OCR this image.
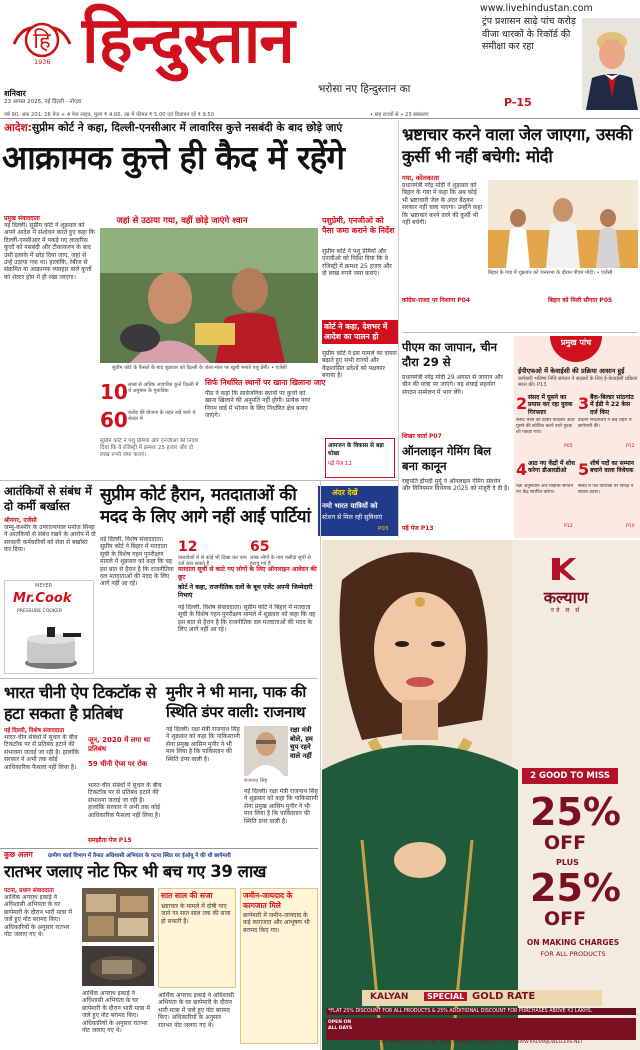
www.livehindustan.com
हि
1936 हिन्दुस्तान
भरोसा नए हिन्दुस्तान का
शनिवार
23 अगस्त 2025, नई दिल्ली - नोएडा
ट्रंप प्रशासन साढ़े पांच करोड़ वीजा धारकों के रिकॉर्ड की समीक्षा कर रहा
P-15
वर्ष 90, अंक 201, 16 पेज + 4 पेज लाइव, मूल्य ₹ 4.00, उप्र में कीमत ₹ 5.00 एवं विज्ञापन दरें ₹ 9.50	• छह राज्यों से • 23 संस्करण
आदेश:सुप्रीम कोर्ट ने कहा, दिल्ली-एनसीआर में लावारिस कुत्ते नसबंदी के बाद छोड़े जाएं
आक्रामक कुत्ते ही कैद में रहेंगे
प्रमुख संवाददाता
नई दिल्ली। सुप्रीम कोर्ट ने शुक्रवार को अपने आदेश में संशोधन करते हुए कहा कि दिल्ली-एनसीआर में पकड़े गए लावारिस कुत्तों को नसबंदी और टीकाकरण के बाद उसी इलाके में छोड़ दिया जाए, जहां से उन्हें उठाया गया था। हालांकि, रेबीज से संक्रमित या आक्रामक व्यवहार वाले कुत्तों को शेल्टर होम में ही रखा जाएगा।
जहां से उठाया गया, वहीं छोड़े जाएंगे श्वान
सुप्रीम कोर्ट के फैसले के बाद शुक्रवार को दिल्ली के जंतर-मंतर पर खुशी मनाते पशु प्रेमी। • एजेंसी
पशुप्रेमी, एनजीओ को पैसा जमा कराने के निर्देश
सुप्रीम कोर्ट ने पशु प्रेमियों और एनजीओ को निर्देश दिया कि वे रजिस्ट्री में क्रमशः 25 हजार और दो लाख रुपये जमा कराएं।
कोर्ट ने कहा, देशभर में आदेश का पालन हो
सुप्रीम कोर्ट ने इस मामले का दायरा बढ़ाते हुए सभी राज्यों और केंद्रशासित प्रदेशों को पक्षकार बनाया है।
10 लाख से अधिक लावारिस कुत्ते दिल्ली में थे अनुमान के मुताबिक
60 करोड़ की योजना के तहत रखे जाने थे शेल्टर में
सिर्फ निर्धारित स्थानों पर खाना खिलाना जाए
पीठ ने कहा कि सार्वजनिक स्थानों पर कुत्तों को खाना खिलाने की अनुमति नहीं होगी। प्रत्येक नगर निगम वार्ड में भोजन के लिए निर्धारित क्षेत्र बनाए जाएंगे।
सुप्रीम कोर्ट ने पशु प्रेमियों और एनजीओ को निर्देश दिया कि वे रजिस्ट्री में क्रमशः 25 हजार और दो लाख रुपये जमा कराएं।
आमजन के विकास से बड़ा धोखा
पढ़ें पेज 12
भ्रष्टाचार करने वाला जेल जाएगा, उसकी कुर्सी भी नहीं बचेगी: मोदी
गया, कोलकाता
प्रधानमंत्री नरेंद्र मोदी ने शुक्रवार को बिहार के गया में कहा कि अब कोई भी भ्रष्टाचारी जेल के अंदर बैठकर सरकार नहीं चला पाएगा। उन्होंने कहा कि भ्रष्टाचार करने वाले की कुर्सी भी नहीं बचेगी।
बिहार के गया में शुक्रवार को जनसभा के दौरान पीएम मोदी। • एजेंसी
कांग्रेस-राजद पर निशाना P04	बिहार को मिली सौगात P05
पीएम का जापान, चीन दौरा 29 से
प्रधानमंत्री नरेंद्र मोदी 29 अगस्त से जापान और चीन की यात्रा पर जाएंगे। वह शंघाई सहयोग संगठन सम्मेलन में भाग लेंगे।
शिखर वार्ता P07
ऑनलाइन गेमिंग बिल बना कानून
राष्ट्रपति द्रौपदी मुर्मू ने ऑनलाइन गेमिंग संवर्धन और विनियमन विधेयक 2025 को मंजूरी दे दी है।
पढ़ें पेज P13
प्रमुख पांच
ईपीएफओ में केवाईसी की प्रक्रिया आसान हुई
कर्मचारी भविष्य निधि संगठन ने सदस्यों के लिए ई-केवाईसी प्रक्रिया सरल की। P13
2 संसद में घुसने का प्रयास कर रहा युवक गिरफ्तार
संसद भवन की दीवार फांदकर अंदर घुसने की कोशिश करने वाले युवक को पकड़ा गया।
P05
3 बैंक-बिल्डर सांठगांठ में ईडी ने 22 केस दर्ज किए
प्रवर्तन निदेशालय ने कई शहरों में छापेमारी की।
P12
4 आठ नए केंद्रों में शोध करेगा डीआरडीओ
रक्षा अनुसंधान और विकास संगठन नए केंद्र स्थापित करेगा।
P12
5 शीर्ष पदों का सम्मान बचाने वाला विधेयक
संसद में पेश विधेयक पर विपक्ष ने सवाल उठाए।
P10
अंदर देखें
नमो भारत यात्रियों को
स्टेशन से मिल रही सुविधाएं
P03
सुप्रीम कोर्ट हैरान, मतदाताओं की मदद के लिए आगे नहीं आईं पार्टियां
नई दिल्ली, विशेष संवाददाता। सुप्रीम कोर्ट ने बिहार में मतदाता सूची के विशेष गहन पुनरीक्षण मामले में शुक्रवार को कहा कि वह इस बात से हैरान है कि राजनीतिक दल मतदाताओं की मदद के लिए आगे नहीं आ रहे।
12
दस्तावेजों में से कोई भी दिखा कर नाम दर्ज करा सकते हैं
65
लाख लोगों के नाम मसौदा सूची से हटाए गए हैं
मतदाता सूची से काटे गए लोगों के लिए ऑनलाइन आवेदन की छूट
कोर्ट ने कहा, राजनीतिक दलों के बूथ एजेंट अपनी जिम्मेदारी निभाएं
नई दिल्ली, विशेष संवाददाता। सुप्रीम कोर्ट ने बिहार में मतदाता सूची के विशेष गहन पुनरीक्षण मामले में शुक्रवार को कहा कि वह इस बात से हैरान है कि राजनीतिक दल मतदाताओं की मदद के लिए आगे नहीं आ रहे।
आतंकियों से संबंध में दो कर्मी बर्खास्त
श्रीनगर, एजेंसी
जम्मू-कश्मीर के उपराज्यपाल मनोज सिन्हा ने आतंकियों से संबंध रखने के आरोप में दो सरकारी कर्मचारियों को सेवा से बर्खास्त कर दिया।
MEYER
Mr.Cook
PRESSURE COOKER
भारत चीनी ऐप टिकटॉक से हटा सकता है प्रतिबंध
नई दिल्ली, विशेष संवाददाता
भारत-चीन संबंधों में सुधार के बीच टिकटॉक पर से प्रतिबंध हटाने की संभावना जताई जा रही है। हालांकि सरकार ने अभी तक कोई आधिकारिक फैसला नहीं लिया है।
जून, 2020 में लगा था प्रतिबंध
59 चीनी ऐप्स पर रोक
भारत-चीन संबंधों में सुधार के बीच टिकटॉक पर से प्रतिबंध हटाने की संभावना जताई जा रही है। हालांकि सरकार ने अभी तक कोई आधिकारिक फैसला नहीं लिया है।
समझौता पेज P15
मुनीर ने भी माना, पाक की स्थिति डंपर वाली: राजनाथ
नई दिल्ली। रक्षा मंत्री राजनाथ सिंह ने शुक्रवार को कहा कि पाकिस्तानी सेना प्रमुख आसिम मुनीर ने भी मान लिया है कि पाकिस्तान की स्थिति डंपर वाली है।
राजनाथ सिंह
रक्षा मंत्री बोले, हम चुप रहने वाले नहीं
नई दिल्ली। रक्षा मंत्री राजनाथ सिंह ने शुक्रवार को कहा कि पाकिस्तानी सेना प्रमुख आसिम मुनीर ने भी मान लिया है कि पाकिस्तान की स्थिति डंपर वाली है।
कुछ अलग	ग्रामीण कार्य विभाग में तैनात अधिशासी अभियंता के पटना स्थित घर ईओयू ने की थी छापेमारी
रातभर जलाए नोट फिर भी बच गए 39 लाख
पटना, प्रधान संवाददाता
आर्थिक अपराध इकाई ने अधिशासी अभियंता के घर छापेमारी के दौरान भारी मात्रा में जले हुए नोट बरामद किए। अधिकारियों के अनुसार रातभर नोट जलाए गए थे।
आर्थिक अपराध इकाई ने अधिशासी अभियंता के घर छापेमारी के दौरान भारी मात्रा में जले हुए नोट बरामद किए। अधिकारियों के अनुसार रातभर नोट जलाए गए थे।
सात साल की सजा
भ्रष्टाचार के मामले में दोषी पाए जाने पर सात साल तक की सजा हो सकती है।
आर्थिक अपराध इकाई ने अधिशासी अभियंता के घर छापेमारी के दौरान भारी मात्रा में जले हुए नोट बरामद किए। अधिकारियों के अनुसार रातभर नोट जलाए गए थे।
जमीन-जायदाद के कागजात मिले
छापेमारी में जमीन-जायदाद के कई कागजात और आभूषण भी बरामद किए गए।
कल्याण
ज्वे ल र्स
2 GOOD TO MISS
25%
OFF
PLUS
25%
OFF
ON MAKING CHARGES
FOR ALL PRODUCTS
KALYAN	SPECIAL GOLD RATE
*FLAT 25% DISCOUNT FOR ALL PRODUCTS & 25% ADDITIONAL DISCOUNT FOR PURCHASES ABOVE ₹2 LAKHS.
OPEN ON ALL DAYS
FOR MORE DETAILS, TOLL FREE NUMBER: 1800 425 7333 | WWW.KALYANJEWELLERS.NET
